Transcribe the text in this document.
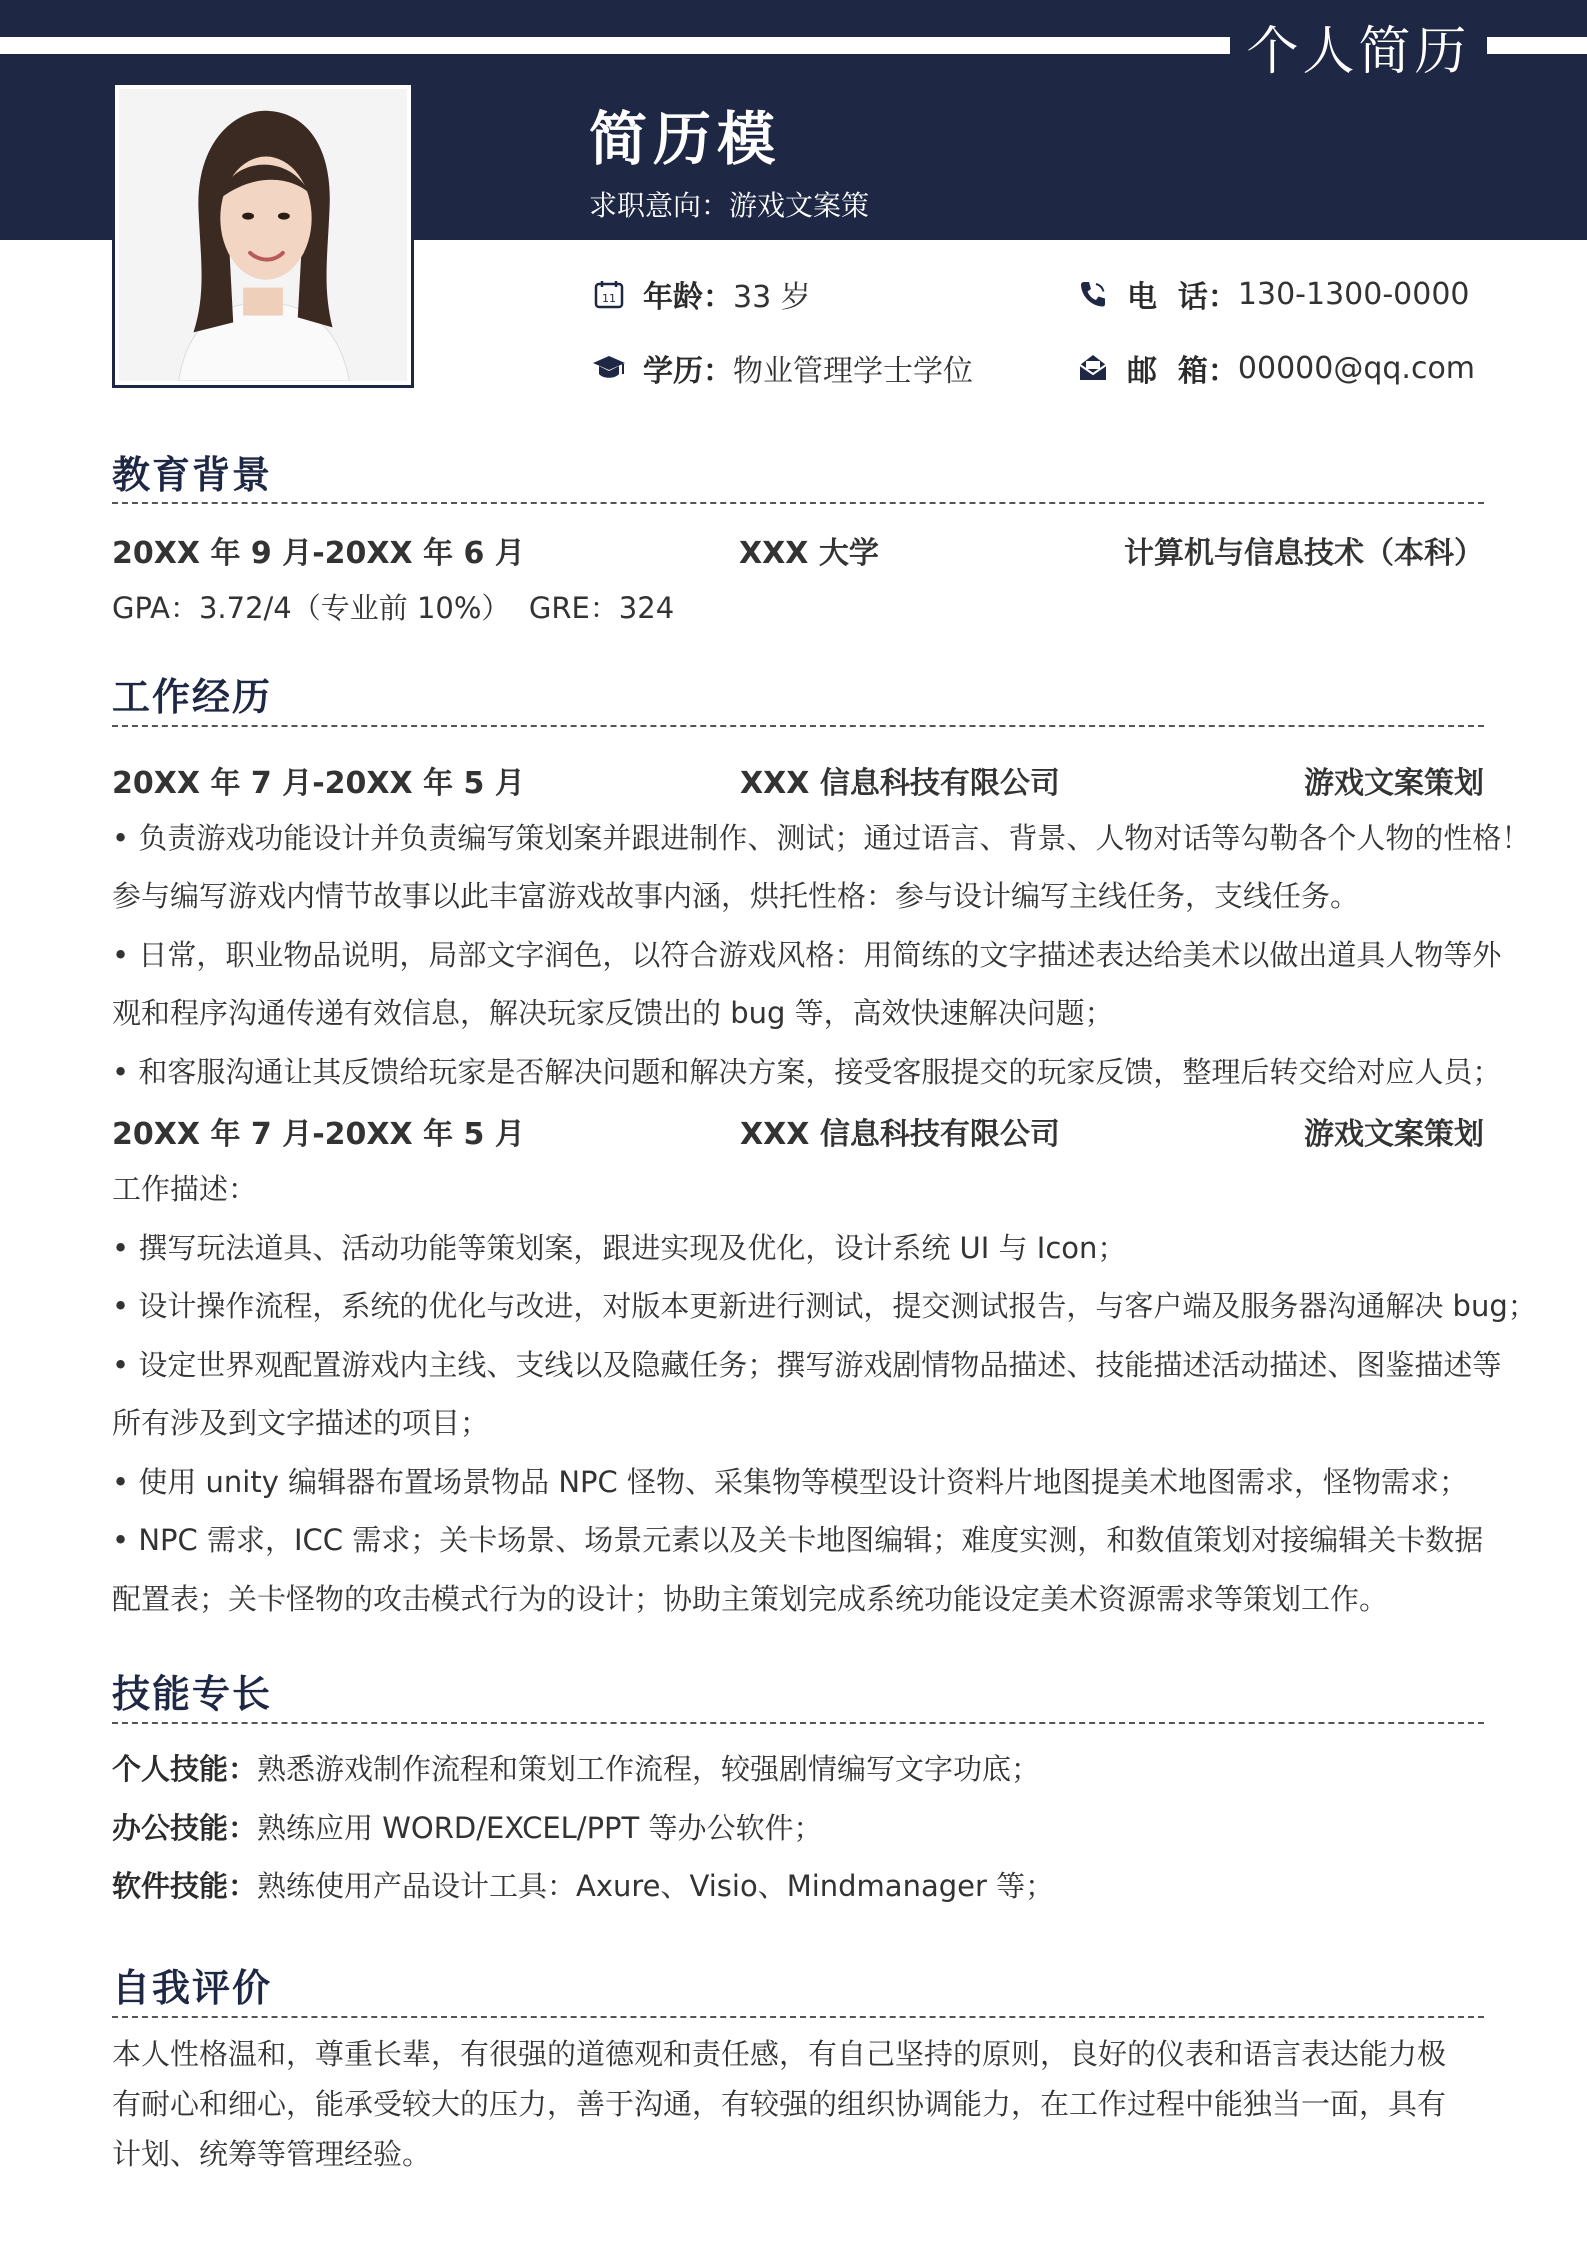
个人简历
简历模
求职意向：游戏文案策
11 年龄： 33 岁	电  话： 130-1300-0000
学历： 物业管理学士学位	邮  箱： 00000@qq.com
教育背景
20XX 年 9 月-20XX 年 6 月	XXX 大学	计算机与信息技术（本科）
GPA：3.72/4（专业前 10%）  GRE：324
工作经历
20XX 年 7 月-20XX 年 5 月	XXX 信息科技有限公司	游戏文案策划
• 负责游戏功能设计并负责编写策划案并跟进制作、测试；通过语言、背景、人物对话等勾勒各个人物的性格！
参与编写游戏内情节故事以此丰富游戏故事内涵，烘托性格：参与设计编写主线任务，支线任务。
• 日常，职业物品说明，局部文字润色，以符合游戏风格：用简练的文字描述表达给美术以做出道具人物等外
观和程序沟通传递有效信息，解决玩家反馈出的 bug 等，高效快速解决问题；
• 和客服沟通让其反馈给玩家是否解决问题和解决方案，接受客服提交的玩家反馈，整理后转交给对应人员；
20XX 年 7 月-20XX 年 5 月	XXX 信息科技有限公司	游戏文案策划
工作描述：
• 撰写玩法道具、活动功能等策划案，跟进实现及优化，设计系统 UI 与 Icon；
• 设计操作流程，系统的优化与改进，对版本更新进行测试，提交测试报告，与客户端及服务器沟通解决 bug；
• 设定世界观配置游戏内主线、支线以及隐藏任务；撰写游戏剧情物品描述、技能描述活动描述、图鉴描述等
所有涉及到文字描述的项目；
• 使用 unity 编辑器布置场景物品 NPC 怪物、采集物等模型设计资料片地图提美术地图需求，怪物需求；
• NPC 需求，ICC 需求；关卡场景、场景元素以及关卡地图编辑；难度实测，和数值策划对接编辑关卡数据
配置表；关卡怪物的攻击模式行为的设计；协助主策划完成系统功能设定美术资源需求等策划工作。
技能专长
个人技能：熟悉游戏制作流程和策划工作流程，较强剧情编写文字功底；
办公技能：熟练应用 WORD/EXCEL/PPT 等办公软件；
软件技能：熟练使用产品设计工具：Axure、Visio、Mindmanager 等；
自我评价
本人性格温和，尊重长辈，有很强的道德观和责任感，有自己坚持的原则，良好的仪表和语言表达能力极
有耐心和细心，能承受较大的压力，善于沟通，有较强的组织协调能力，在工作过程中能独当一面，具有
计划、统筹等管理经验。
